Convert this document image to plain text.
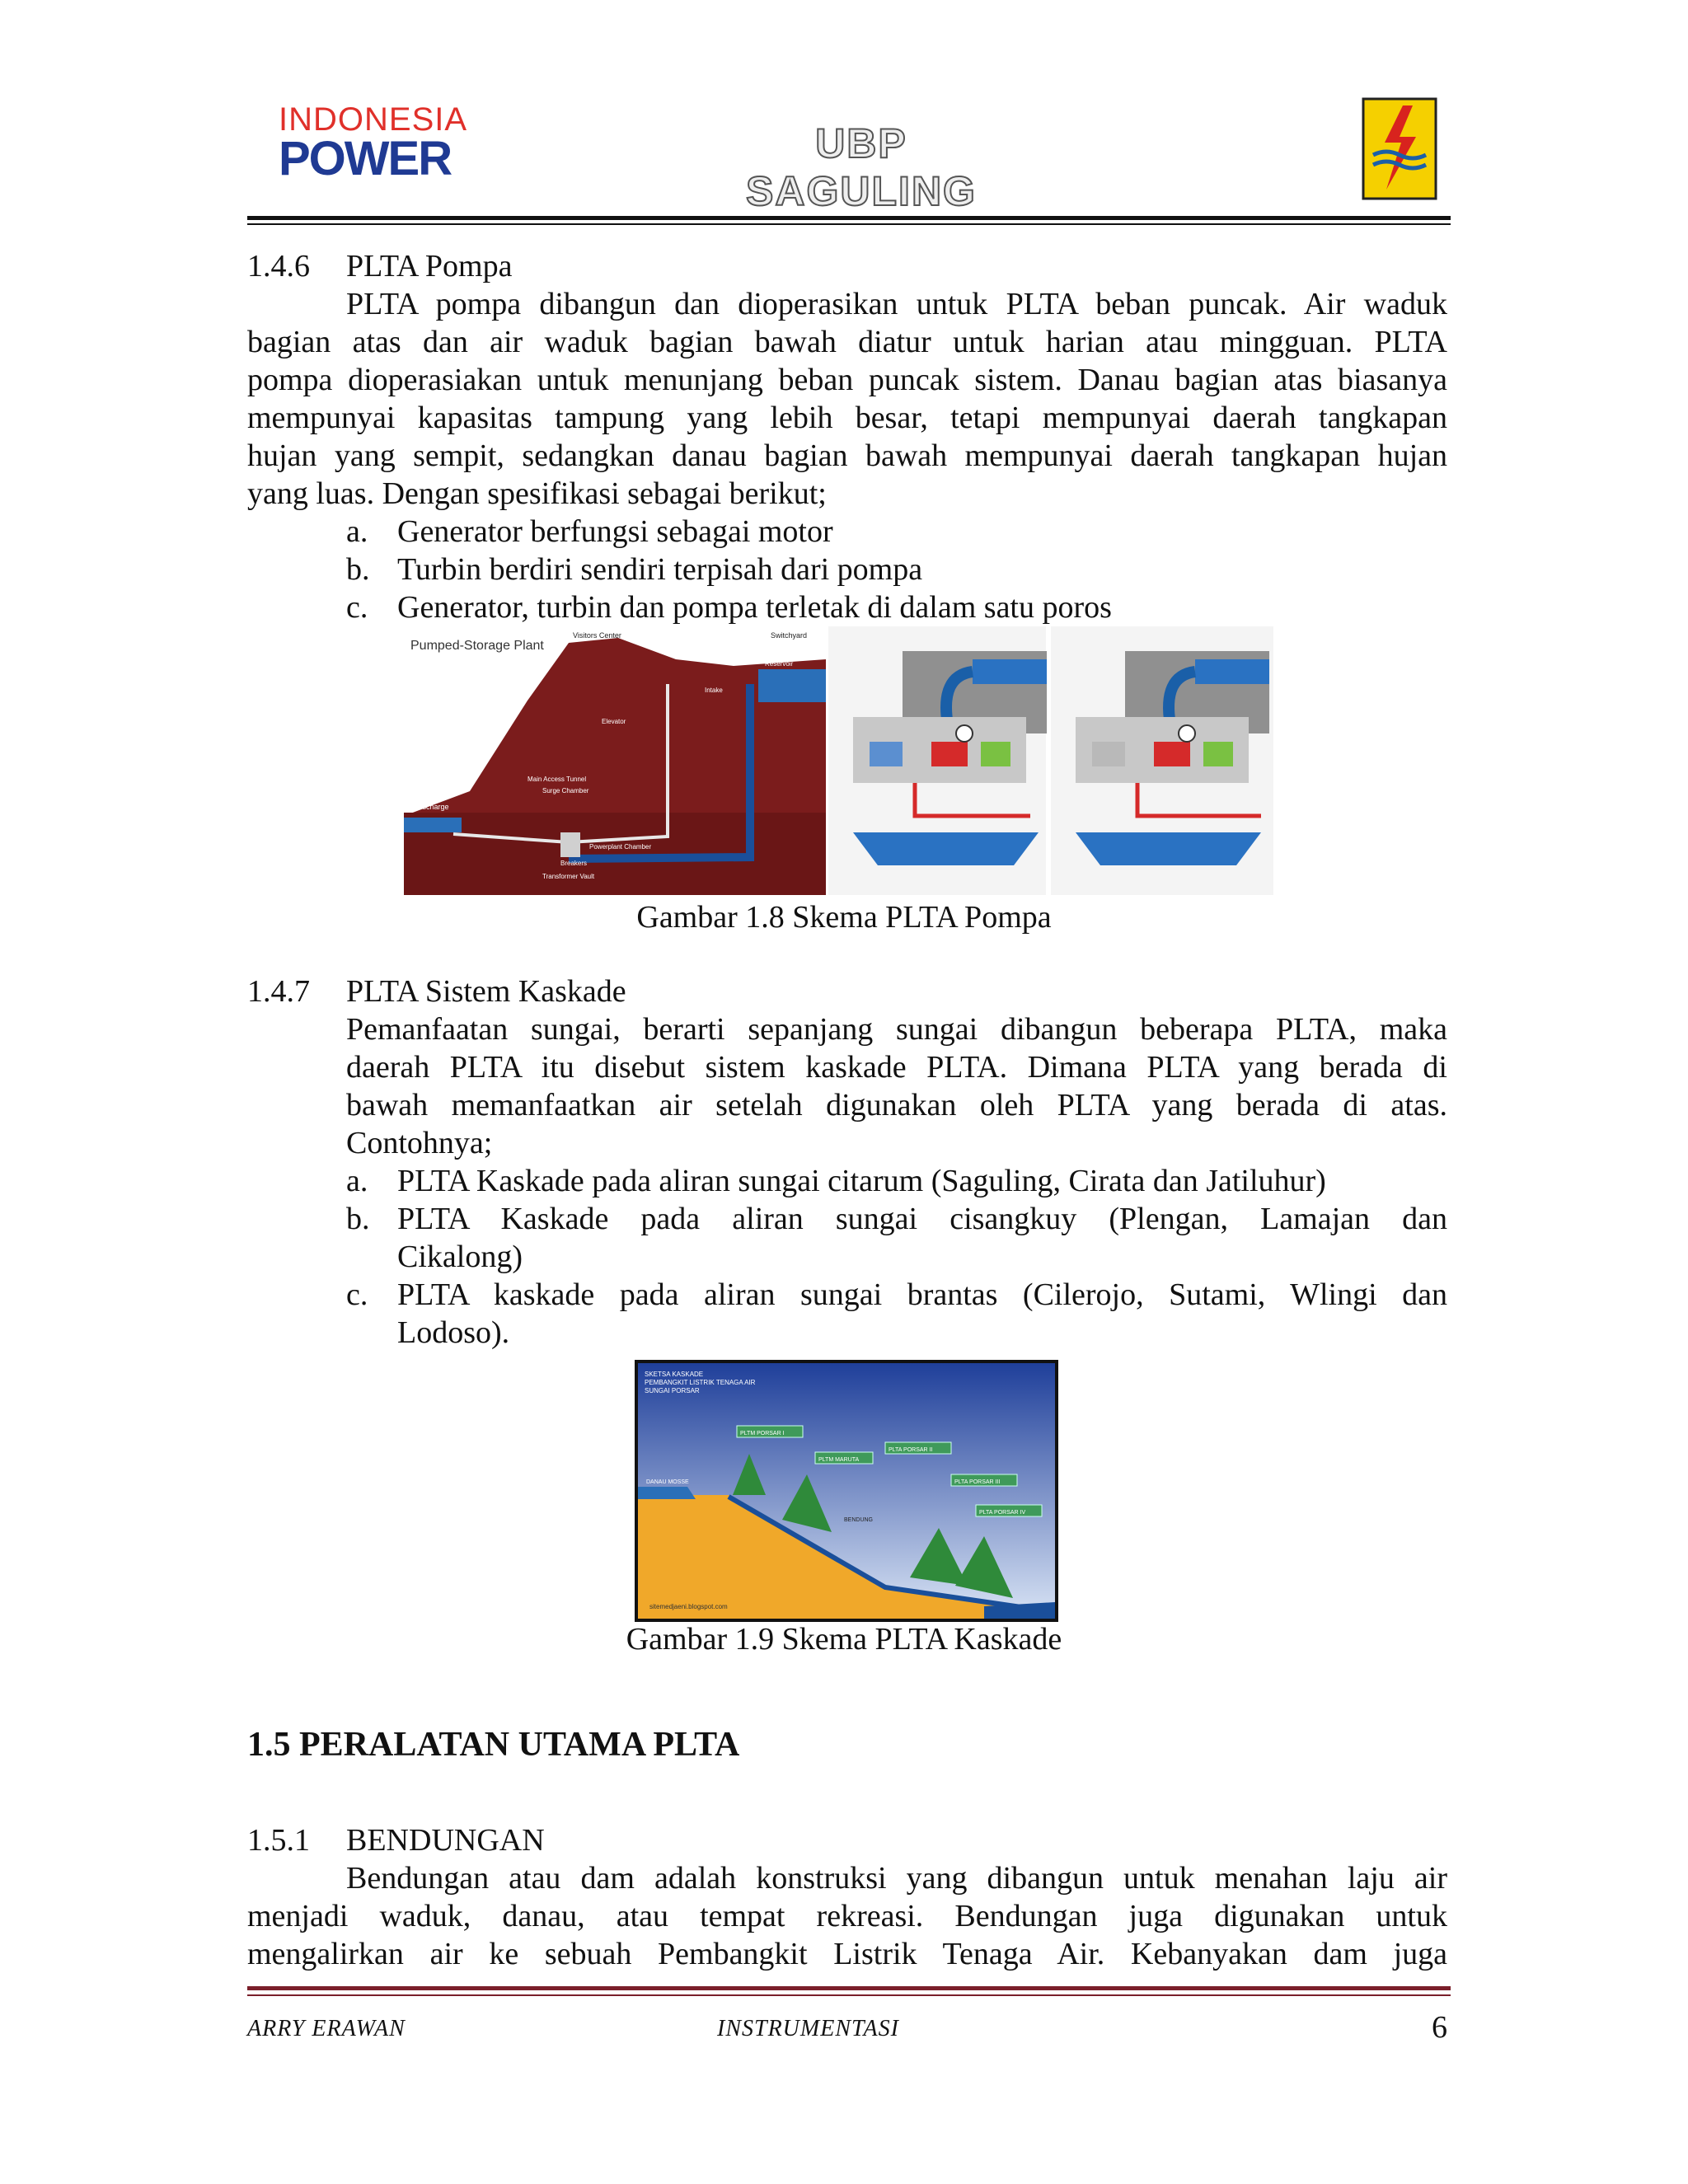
INDONESIA
POWER	UBP SAGULING
1.4.6	PLTA Pompa
PLTA pompa dibangun dan dioperasikan untuk PLTA beban puncak. Air waduk
bagian atas dan air waduk bagian bawah diatur untuk harian atau mingguan. PLTA
pompa dioperasiakan untuk menunjang beban puncak sistem. Danau bagian atas biasanya
mempunyai kapasitas tampung yang lebih besar, tetapi mempunyai daerah tangkapan
hujan yang sempit, sedangkan danau bagian bawah mempunyai daerah tangkapan hujan
yang luas. Dengan spesifikasi sebagai berikut;
a. Generator berfungsi sebagai motor
b. Turbin berdiri sendiri terpisah dari pompa
c. Generator, turbin dan pompa terletak di dalam satu poros
Pumped-Storage Plant
Visitors Center	Switchyard
Reservoir
Intake
Elevator
Main Access Tunnel
Surge Chamber
Discharge
Powerplant Chamber
Breakers
Transformer Vault
Gambar 1.8 Skema PLTA Pompa
1.4.7	PLTA Sistem Kaskade
Pemanfaatan sungai, berarti sepanjang sungai dibangun beberapa PLTA, maka
daerah PLTA itu disebut sistem kaskade PLTA. Dimana PLTA yang berada di
bawah memanfaatkan air setelah digunakan oleh PLTA yang berada di atas.
Contohnya;
a. PLTA Kaskade pada aliran sungai citarum (Saguling, Cirata dan Jatiluhur)
b. PLTA Kaskade pada aliran sungai cisangkuy (Plengan, Lamajan dan
Cikalong)
c. PLTA kaskade pada aliran sungai brantas (Cilerojo, Sutami, Wlingi dan
Lodoso).
SKETSA KASKADE
PEMBANGKIT LISTRIK TENAGA AIR
SUNGAI PORSAR
PLTM PORSAR I
PLTA PORSAR II
PLTM MARUTA
PLTA PORSAR III
PLTA PORSAR IV
DANAU MOSSE
BENDUNG
sitemedjaeni.blogspot.com
Gambar 1.9 Skema PLTA Kaskade
1.5 PERALATAN UTAMA PLTA
1.5.1	BENDUNGAN
Bendungan atau dam adalah konstruksi yang dibangun untuk menahan laju air
menjadi waduk, danau, atau tempat rekreasi. Bendungan juga digunakan untuk
mengalirkan air ke sebuah Pembangkit Listrik Tenaga Air. Kebanyakan dam juga
ARRY ERAWAN	INSTRUMENTASI	6
